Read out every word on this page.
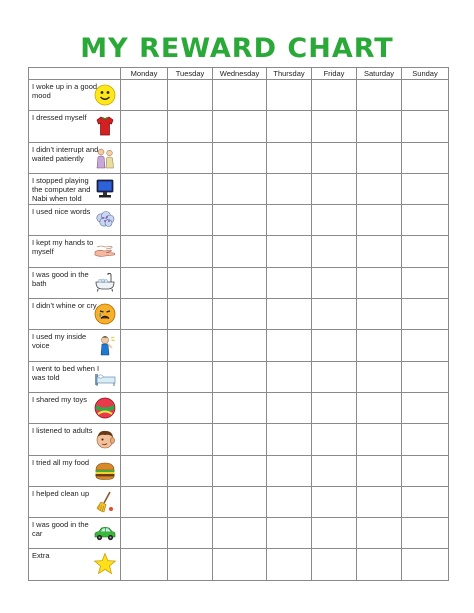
MY REWARD CHART
	Monday	Tuesday	Wednesday	Thursday	Friday	Saturday	Sunday

I woke up in a good mood							

I dressed myself							

I didn’t interrupt and waited patiently							

I stopped playing the computer and Nabi when told							

I used nice words							

I kept my hands to myself							

I was good in the bath							

I didn’t whine or cry							

I used my inside voice							

I went to bed when I was told							

I shared my toys							

I listened to adults							

I tried all my food							

I helped clean up							

I was good in the car							

Extra							
